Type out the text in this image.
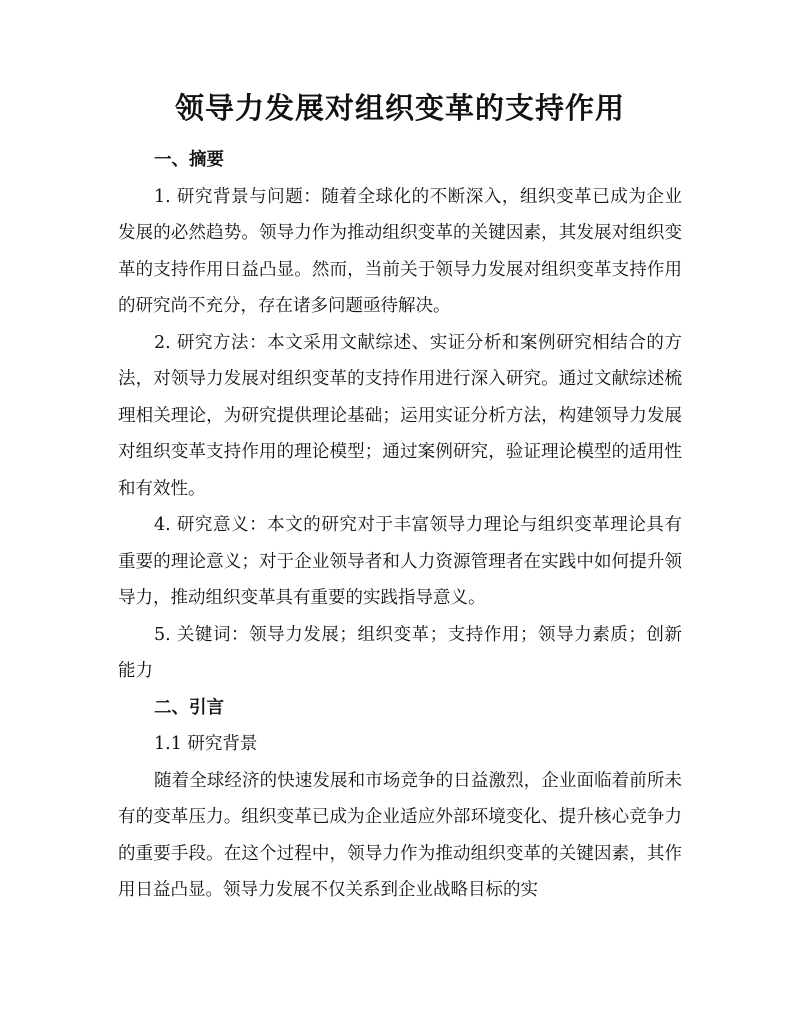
领导力发展对组织变革的支持作用

一、摘要

1. 研究背景与问题：随着全球化的不断深入，组织变革已成为企业发展的必然趋势。领导力作为推动组织变革的关键因素，其发展对组织变革的支持作用日益凸显。然而，当前关于领导力发展对组织变革支持作用的研究尚不充分，存在诸多问题亟待解决。

2. 研究方法：本文采用文献综述、实证分析和案例研究相结合的方法，对领导力发展对组织变革的支持作用进行深入研究。通过文献综述梳理相关理论，为研究提供理论基础；运用实证分析方法，构建领导力发展对组织变革支持作用的理论模型；通过案例研究，验证理论模型的适用性和有效性。

4. 研究意义：本文的研究对于丰富领导力理论与组织变革理论具有重要的理论意义；对于企业领导者和人力资源管理者在实践中如何提升领导力，推动组织变革具有重要的实践指导意义。

5. 关键词：领导力发展；组织变革；支持作用；领导力素质；创新能力

二、引言

1.1 研究背景

随着全球经济的快速发展和市场竞争的日益激烈，企业面临着前所未有的变革压力。组织变革已成为企业适应外部环境变化、提升核心竞争力的重要手段。在这个过程中，领导力作为推动组织变革的关键因素，其作用日益凸显。领导力发展不仅关系到企业战略目标的实
